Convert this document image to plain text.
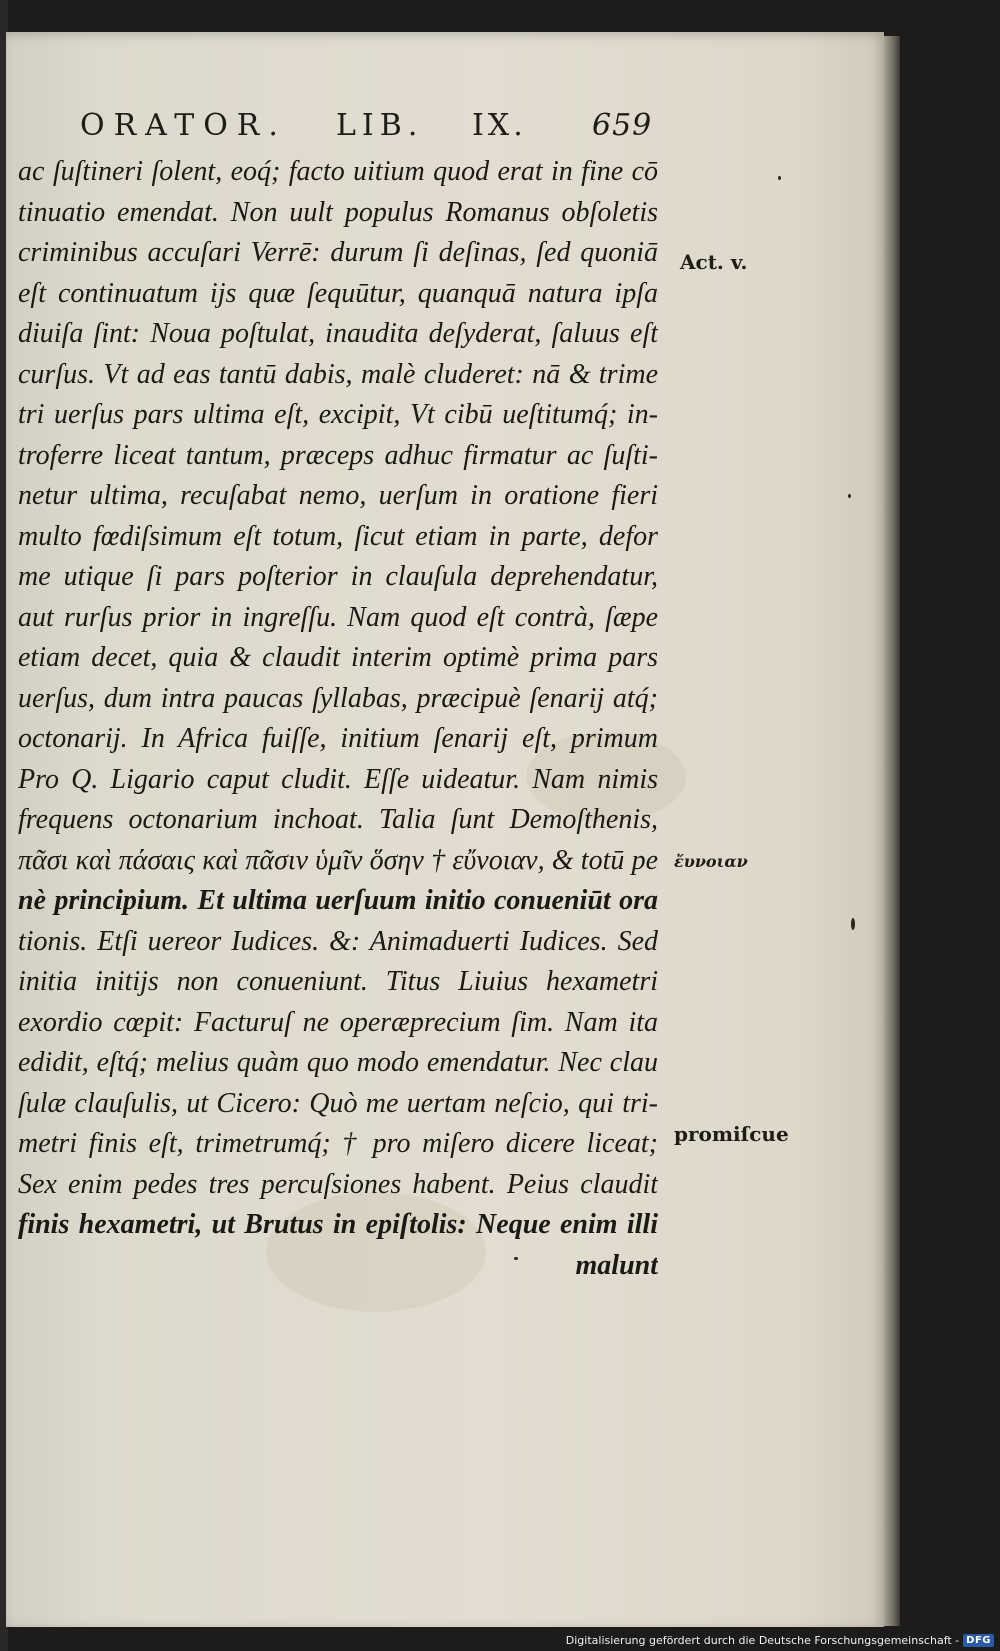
ORATOR. LIB. IX. 659
ac ſuſtineri ſolent, eoq́; facto uitium quod erat in fine cō
tinuatio emendat. Non uult populus Romanus obſoletis
criminibus accuſari Verrē: durum ſi deſinas, ſed quoniā
eſt continuatum ijs quæ ſequūtur, quanquā natura ipſa
diuiſa ſint: Noua poſtulat, inaudita deſyderat, ſaluus eſt
curſus. Vt ad eas tantū dabis, malè cluderet: nā & trime
tri uerſus pars ultima eſt, excipit, Vt cibū ueſtitumq́; in-
troferre liceat tantum, præceps adhuc firmatur ac ſuſti-
netur ultima, recuſabat nemo, uerſum in oratione fieri
multo fœdiſsimum eſt totum, ſicut etiam in parte, defor
me utique ſi pars poſterior in clauſula deprehendatur,
aut rurſus prior in ingreſſu. Nam quod eſt contrà, ſæpe
etiam decet, quia & claudit interim optimè prima pars
uerſus, dum intra paucas ſyllabas, præcipuè ſenarij atq́;
octonarij. In Africa fuiſſe, initium ſenarij eſt, primum
Pro Q. Ligario caput cludit. Eſſe uideatur. Nam nimis
frequens octonarium inchoat. Talia ſunt Demoſthenis,
πᾶσι καὶ πάσαις καὶ πᾶσιν ὑμῖν ὅσην † εὔνοιαν, & totū pe
nè principium. Et ultima uerſuum initio conueniūt ora
tionis. Etſi uereor Iudices. &: Animaduerti Iudices. Sed
initia initijs non conueniunt. Titus Liuius hexametri
exordio cœpit: Facturuſ ne operæprecium ſim. Nam ita
edidit, eſtq́; melius quàm quo modo emendatur. Nec clau
ſulæ clauſulis, ut Cicero: Quò me uertam neſcio, qui tri-
metri finis eſt, trimetrumq́; † pro miſero dicere liceat;
Sex enim pedes tres percuſsiones habent. Peius claudit
finis hexametri, ut Brutus in epiſtolis: Neque enim illi
malunt
Act. v.
ἔυνοιαν
promiſcue
Digitalisierung gefördert durch die Deutsche Forschungsgemeinschaft - DFG
